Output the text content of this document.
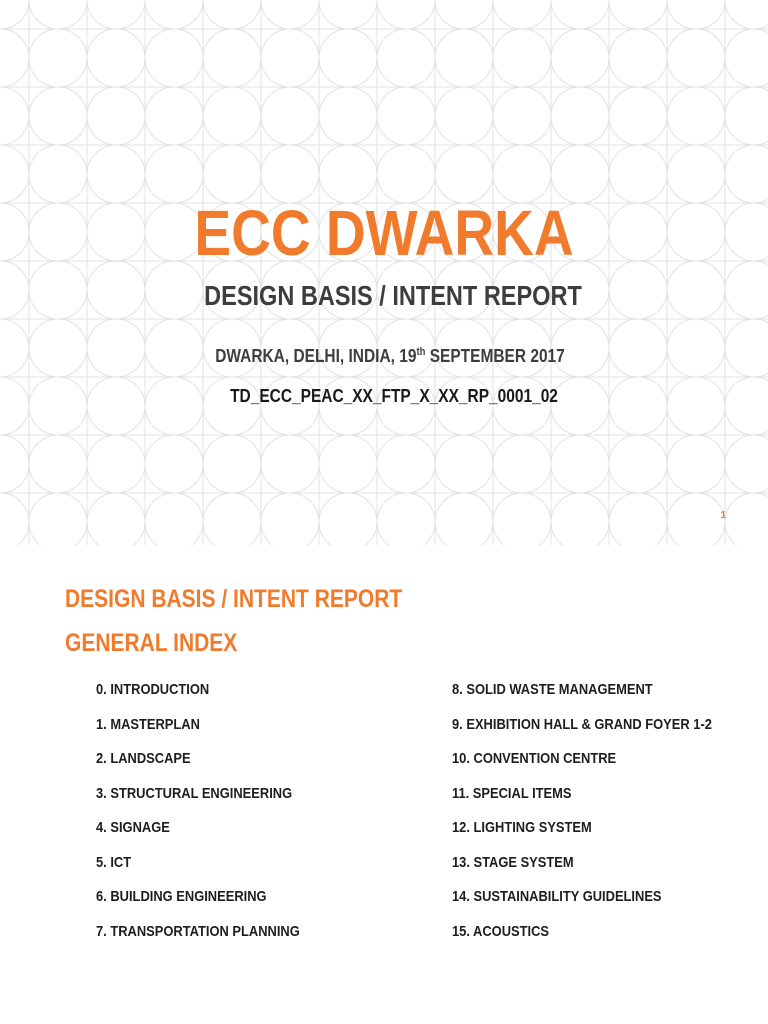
ECC DWARKA
DESIGN BASIS / INTENT REPORT
DWARKA, DELHI, INDIA, 19th SEPTEMBER 2017
TD_ECC_PEAC_XX_FTP_X_XX_RP_0001_02
1
DESIGN BASIS / INTENT REPORT
GENERAL INDEX
0. INTRODUCTION
1. MASTERPLAN
2. LANDSCAPE
3. STRUCTURAL ENGINEERING
4. SIGNAGE
5. ICT
6. BUILDING ENGINEERING
7. TRANSPORTATION PLANNING
8. SOLID WASTE MANAGEMENT
9. EXHIBITION HALL & GRAND FOYER 1-2
10. CONVENTION CENTRE
11. SPECIAL ITEMS
12. LIGHTING SYSTEM
13. STAGE SYSTEM
14. SUSTAINABILITY GUIDELINES
15. ACOUSTICS
